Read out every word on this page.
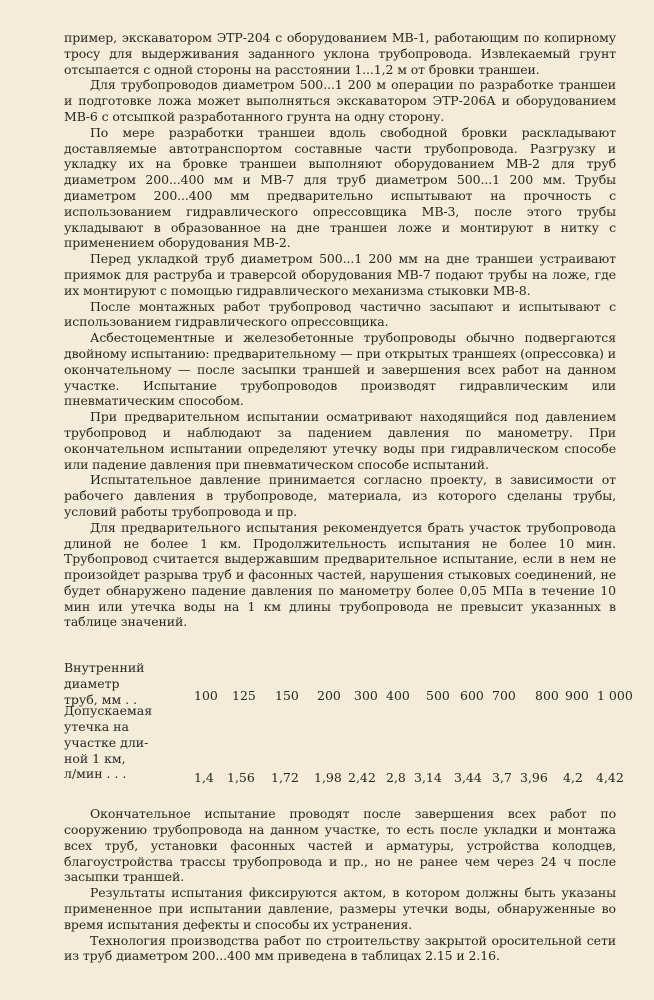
пример, экскаватором ЭТР-204 с оборудованием МВ-1, работающим по копирному тросу для выдерживания заданного уклона трубопровода. Извлекаемый грунт отсыпается с одной стороны на расстоянии 1...1,2 м от бровки траншеи.

Для трубопроводов диаметром 500...1 200 м операции по разработке траншеи и подготовке ложа может выполняться экскаватором ЭТР-206А и оборудованием МВ-6 с отсыпкой разработанного грунта на одну сторону.

По мере разработки траншеи вдоль свободной бровки раскладывают доставляемые автотранспортом составные части трубопровода. Разгрузку и укладку их на бровке траншеи выполняют оборудованием МВ-2 для труб диаметром 200...400 мм и МВ-7 для труб диаметром 500...1 200 мм. Трубы диаметром 200...400 мм предварительно испытывают на прочность с использованием гидравлического опрессовщика МВ-3, после этого трубы укладывают в образованное на дне траншеи ложе и монтируют в нитку с применением оборудования МВ-2.

Перед укладкой труб диаметром 500...1 200 мм на дне траншеи устраивают приямок для раструба и траверсой оборудования МВ-7 подают трубы на ложе, где их монтируют с помощью гидравлического механизма стыковки МВ-8.

После монтажных работ трубопровод частично засыпают и испытывают с использованием гидравлического опрессовщика.

Асбестоцементные и железобетонные трубопроводы обычно подвергаются двойному испытанию: предварительному — при открытых траншеях (опрессовка) и окончательному — после засыпки траншей и завершения всех работ на данном участке. Испытание трубопроводов производят гидравлическим или пневматическим способом.

При предварительном испытании осматривают находящийся под давлением трубопровод и наблюдают за падением давления по манометру. При окончательном испытании определяют утечку воды при гидравлическом способе или падение давления при пневматическом способе испытаний.

Испытательное давление принимается согласно проекту, в зависимости от рабочего давления в трубопроводе, материала, из которого сделаны трубы, условий работы трубопровода и пр.

Для предварительного испытания рекомендуется брать участок трубопровода длиной не более 1 км. Продолжительность испытания не более 10 мин. Трубопровод считается выдержавшим предварительное испытание, если в нем не произойдет разрыва труб и фасонных частей, нарушения стыковых соединений, не будет обнаружено падение давления по манометру более 0,05 МПа в течение 10 мин или утечка воды на 1 км длины трубопровода не превысит указанных в таблице значений.

Внутренний
диаметр
труб, мм . .
Допускаемая
утечка на
участке дли-
ной 1 км,
л/мин . . .
100 125 150 200 300 400 500 600 700 800 900 1 000
1,4 1,56 1,72 1,98 2,42 2,8 3,14 3,44 3,7 3,96 4,2 4,42

Окончательное испытание проводят после завершения всех работ по сооружению трубопровода на данном участке, то есть после укладки и монтажа всех труб, установки фасонных частей и арматуры, устройства колодцев, благоустройства трассы трубопровода и пр., но не ранее чем через 24 ч после засыпки траншей.

Результаты испытания фиксируются актом, в котором должны быть указаны примененное при испытании давление, размеры утечки воды, обнаруженные во время испытания дефекты и способы их устранения.

Технология производства работ по строительству закрытой оросительной сети из труб диаметром 200...400 мм приведена в таблицах 2.15 и 2.16.
